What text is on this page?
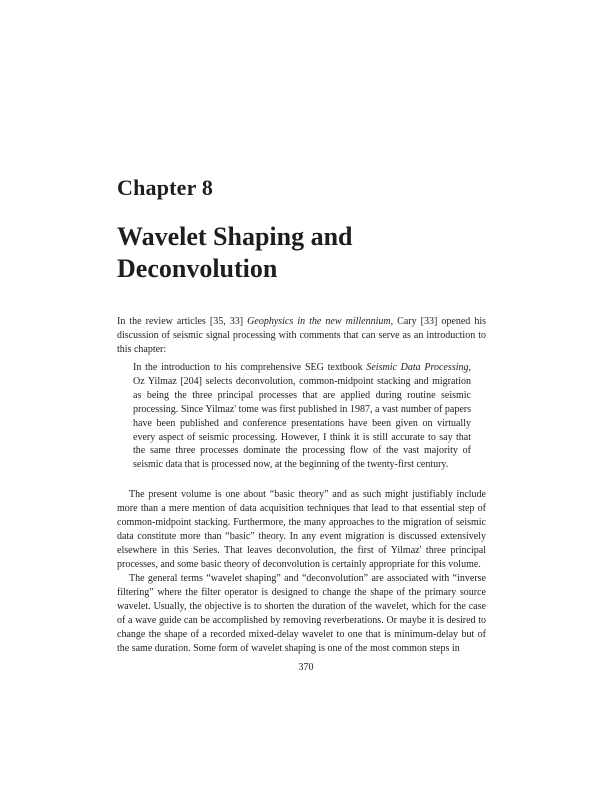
Chapter 8
Wavelet Shaping and Deconvolution

In the review articles [35, 33] Geophysics in the new millennium, Cary [33] opened his discussion of seismic signal processing with comments that can serve as an introduction to this chapter:

In the introduction to his comprehensive SEG textbook Seismic Data Processing, Oz Yilmaz [204] selects deconvolution, common-midpoint stacking and migration as being the three principal processes that are applied during routine seismic processing. Since Yilmaz' tome was first published in 1987, a vast number of papers have been published and conference presentations have been given on virtually every aspect of seismic processing. However, I think it is still accurate to say that the same three processes dominate the processing flow of the vast majority of seismic data that is processed now, at the beginning of the twenty-first century.

The present volume is one about “basic theory” and as such might justifiably include more than a mere mention of data acquisition techniques that lead to that essential step of common-midpoint stacking. Furthermore, the many approaches to the migration of seismic data constitute more than “basic” theory. In any event migration is discussed extensively elsewhere in this Series. That leaves deconvolution, the first of Yilmaz' three principal processes, and some basic theory of deconvolution is certainly appropriate for this volume.

The general terms “wavelet shaping” and “deconvolution” are associated with “inverse filtering” where the filter operator is designed to change the shape of the primary source wavelet. Usually, the objective is to shorten the duration of the wavelet, which for the case of a wave guide can be accomplished by removing reverberations. Or maybe it is desired to change the shape of a recorded mixed-delay wavelet to one that is minimum-delay but of the same duration. Some form of wavelet shaping is one of the most common steps in

370
